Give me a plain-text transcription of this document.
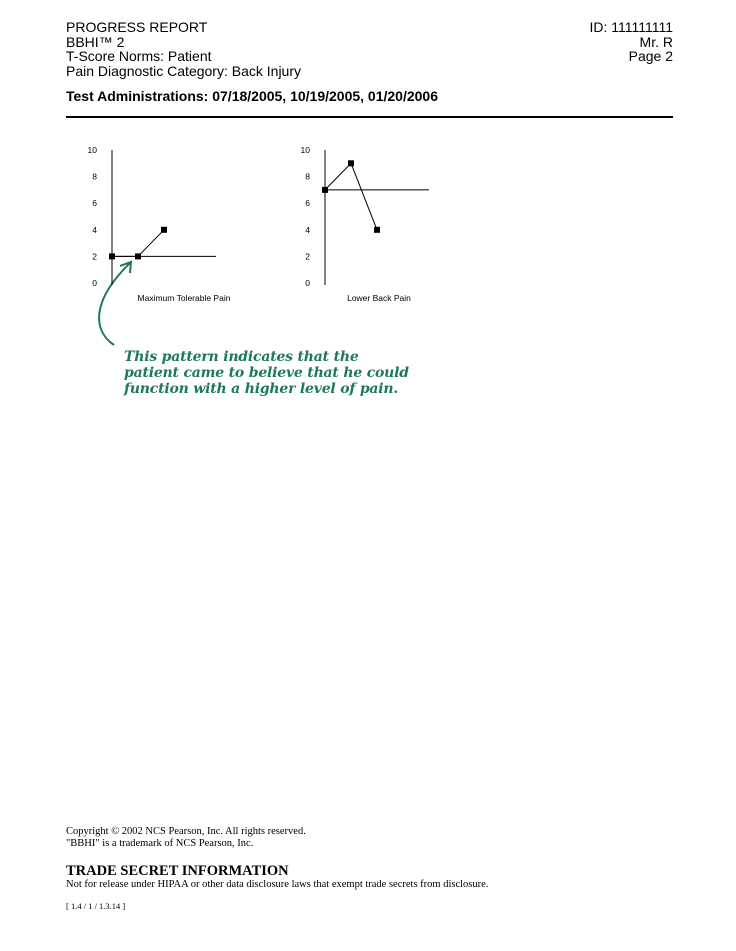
PROGRESS REPORT
BBHI™ 2
T-Score Norms: Patient
Pain Diagnostic Category: Back Injury
ID: 111111111
Mr. R
Page 2
Test Administrations: 07/18/2005, 10/19/2005, 01/20/2006
0
2
4
6
8
10
Maximum Tolerable Pain
0
2
4
6
8
10
Lower Back Pain
This pattern indicates that the
patient came to believe that he could
function with a higher level of pain.
Copyright © 2002 NCS Pearson, Inc. All rights reserved.
"BBHI" is a trademark of NCS Pearson, Inc.
TRADE SECRET INFORMATION
Not for release under HIPAA or other data disclosure laws that exempt trade secrets from disclosure.
[ 1.4 / 1 / 1.3.14 ]
